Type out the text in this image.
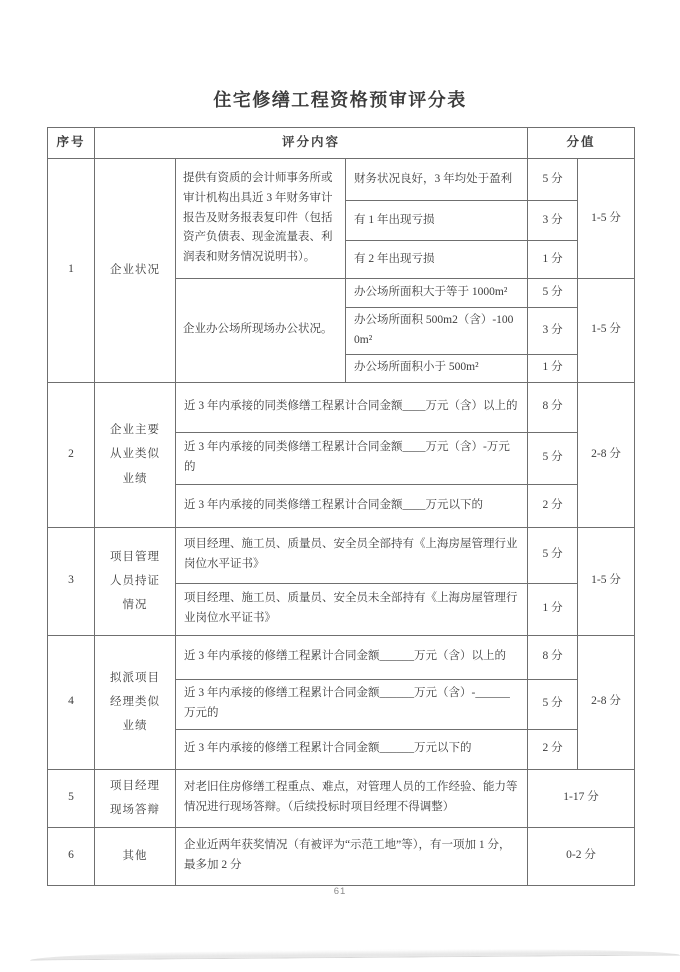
住宅修缮工程资格预审评分表
序号	评分内容			分值	
1	企业状况	提供有资质的会计师事务所或审计机构出具近 3 年财务审计报告及财务报表复印件（包括资产负债表、现金流量表、利润表和财务情况说明书）。	财务状况良好，3 年均处于盈利	5 分	1-5 分
			有 1 年出现亏损	3 分	
			有 2 年出现亏损	1 分	
		企业办公场所现场办公状况。	办公场所面积大于等于 1000m²	5 分	1-5 分
			办公场所面积 500m2（含）-1000m²	3 分	
			办公场所面积小于 500m²	1 分	
2	企业主要从业类似业绩	近 3 年内承接的同类修缮工程累计合同金额____万元（含）以上的		8 分	2-8 分
		近 3 年内承接的同类修缮工程累计合同金额____万元（含）-万元的		5 分	
		近 3 年内承接的同类修缮工程累计合同金额____万元以下的		2 分	
3	项目管理人员持证情况	项目经理、施工员、质量员、安全员全部持有《上海房屋管理行业岗位水平证书》		5 分	1-5 分
		项目经理、施工员、质量员、安全员未全部持有《上海房屋管理行业岗位水平证书》		1 分	
4	拟派项目经理类似业绩	近 3 年内承接的修缮工程累计合同金额______万元（含）以上的		8 分	2-8 分
		近 3 年内承接的修缮工程累计合同金额______万元（含）-______万元的		5 分	
		近 3 年内承接的修缮工程累计合同金额______万元以下的		2 分	
5	项目经理现场答辩	对老旧住房修缮工程重点、难点，对管理人员的工作经验、能力等情况进行现场答辩。（后续投标时项目经理不得调整）		1-17 分	
6	其他	企业近两年获奖情况（有被评为“示范工地”等），有一项加 1 分，最多加 2 分		0-2 分	
61
